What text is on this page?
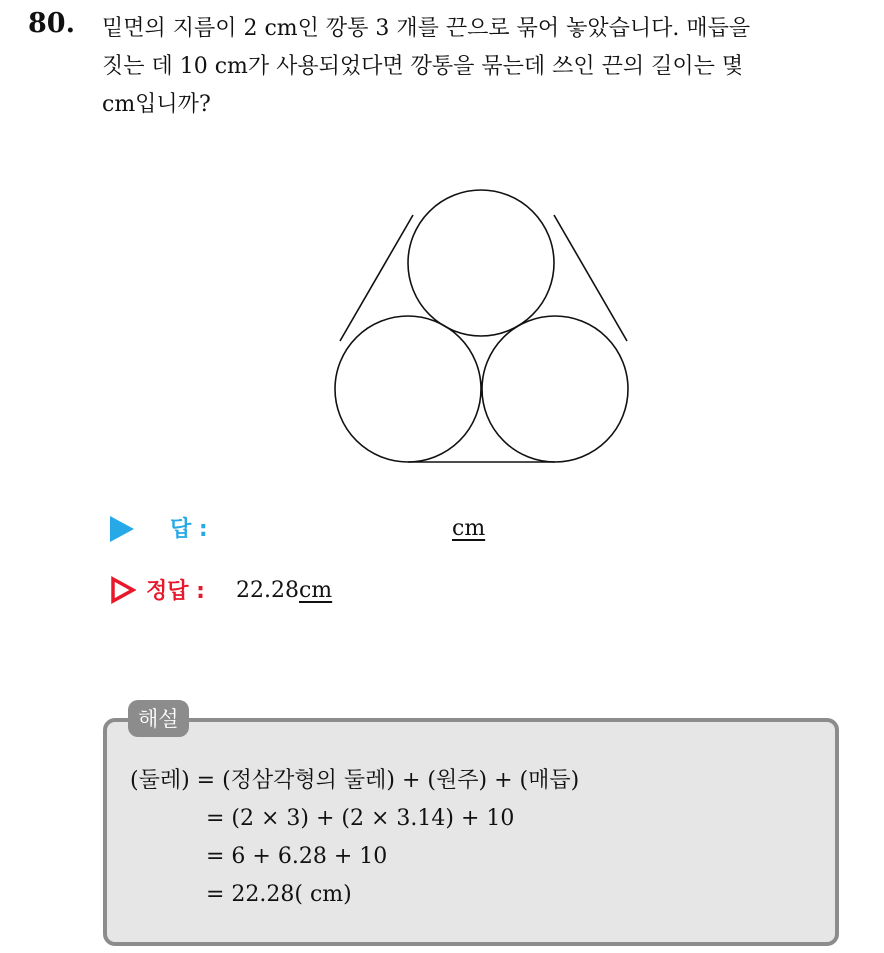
80. 밑면의 지름이 2 cm인 깡통 3 개를 끈으로 묶어 놓았습니다. 매듭을
짓는 데 10 cm가 사용되었다면 깡통을 묶는데 쓰인 끈의 길이는 몇
cm입니까?
답 :	cm
정답 : 22.28cm
해설
(둘레) = (정삼각형의 둘레) + (원주) + (매듭)
= (2 × 3) + (2 × 3.14) + 10
= 6 + 6.28 + 10
= 22.28( cm)
